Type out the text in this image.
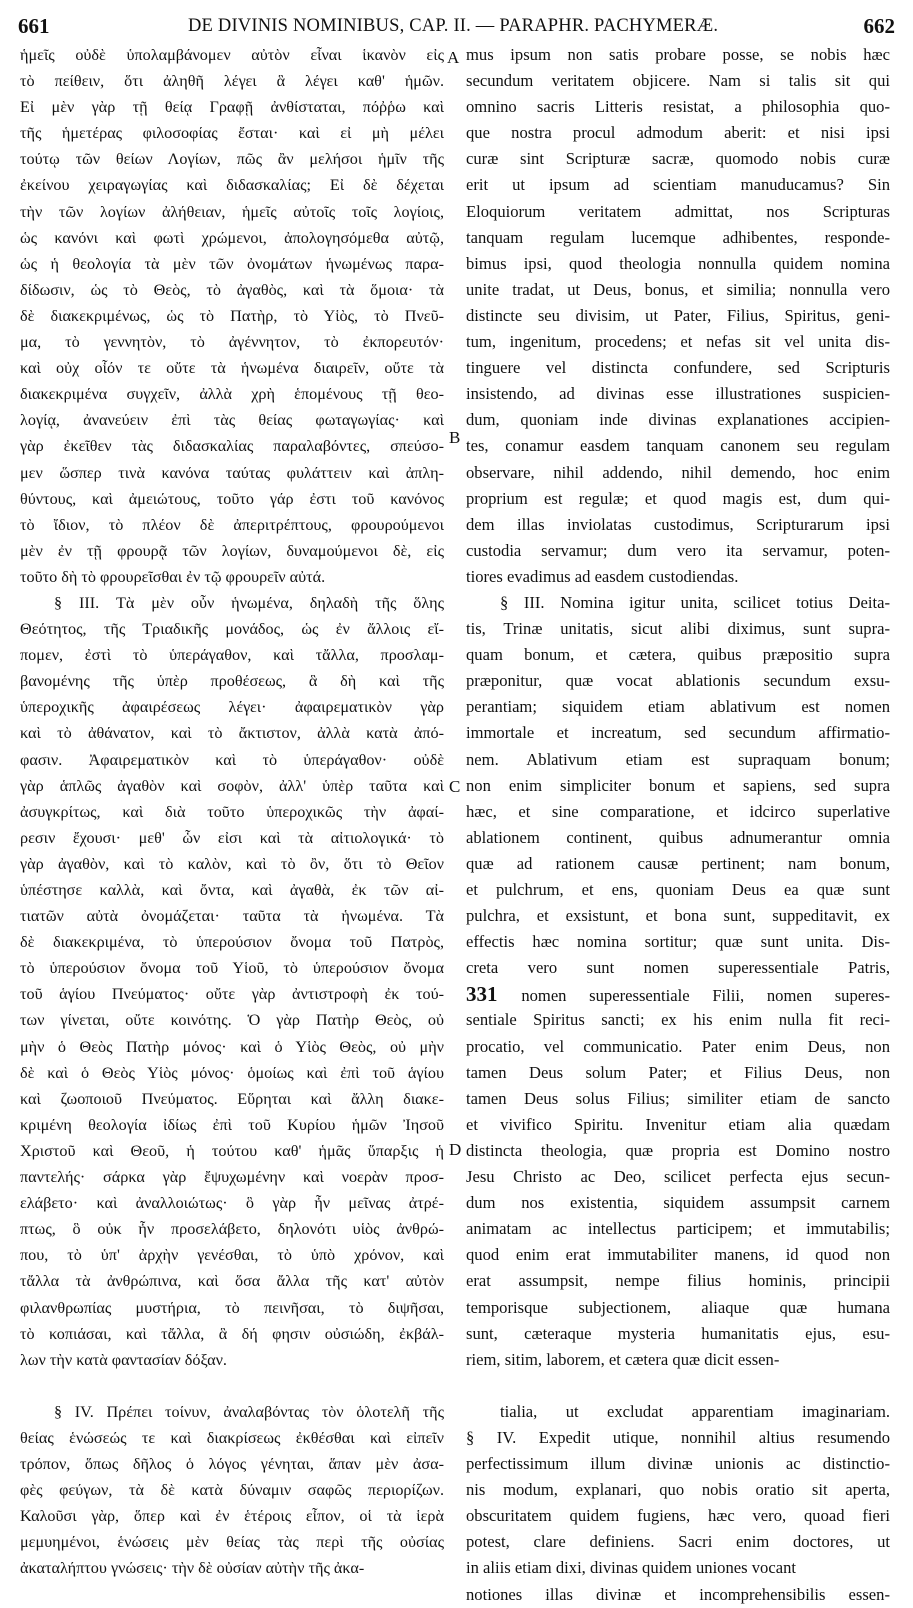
661	DE DIVINIS NOMINIBUS, CAP. II. — PARAPHR. PACHYMERÆ.	662
ἡμεῖς οὐδὲ ὑπολαμβάνομεν αὐτὸν εἶναι ἱκανὸν εἰς
τὸ πείθειν, ὅτι ἀληθῆ λέγει ἃ λέγει καθ' ἡμῶν.
Εἰ μὲν γὰρ τῇ θείᾳ Γραφῇ ἀνθίσταται, πόῤῥω καὶ
τῆς ἡμετέρας φιλοσοφίας ἔσται· καὶ εἰ μὴ μέλει
τούτῳ τῶν θείων Λογίων, πῶς ἂν μελήσοι ἡμῖν τῆς
ἐκείνου χειραγωγίας καὶ διδασκαλίας; Εἰ δὲ δέχεται
τὴν τῶν λογίων ἀλήθειαν, ἡμεῖς αὐτοῖς τοῖς λογίοις,
ὡς κανόνι καὶ φωτὶ χρώμενοι, ἀπολογησόμεθα αὐτῷ,
ὡς ἡ θεολογία τὰ μὲν τῶν ὀνομάτων ἡνωμένως παρα-
δίδωσιν, ὡς τὸ Θεὸς, τὸ ἀγαθὸς, καὶ τὰ ὅμοια· τὰ
δὲ διακεκριμένως, ὡς τὸ Πατὴρ, τὸ Υἱὸς, τὸ Πνεῦ-
μα, τὸ γεννητὸν, τὸ ἀγέννητον, τὸ ἐκπορευτόν·
καὶ οὐχ οἷόν τε οὔτε τὰ ἡνωμένα διαιρεῖν, οὔτε τὰ
διακεκριμένα συγχεῖν, ἀλλὰ χρὴ ἑπομένους τῇ θεο-
λογίᾳ, ἀνανεύειν ἐπὶ τὰς θείας φωταγωγίας· καὶ
γὰρ ἐκεῖθεν τὰς διδασκαλίας παραλαβόντες, σπεύσο-
μεν ὥσπερ τινὰ κανόνα ταύτας φυλάττειν καὶ ἀπλη-
θύντους, καὶ ἀμειώτους, τοῦτο γάρ ἐστι τοῦ κανόνος
τὸ ἴδιον, τὸ πλέον δὲ ἀπεριτρέπτους, φρουρούμενοι
μὲν ἐν τῇ φρουρᾷ τῶν λογίων, δυναμούμενοι δὲ, εἰς
τοῦτο δὴ τὸ φρουρεῖσθαι ἐν τῷ φρουρεῖν αὐτά.
§ III. Τὰ μὲν οὖν ἡνωμένα, δηλαδὴ τῆς ὅλης
Θεότητος, τῆς Τριαδικῆς μονάδος, ὡς ἐν ἄλλοις εἴ-
πομεν, ἐστὶ τὸ ὑπεράγαθον, καὶ τἄλλα, προσλαμ-
βανομένης τῆς ὑπὲρ προθέσεως, ἃ δὴ καὶ τῆς
ὑπεροχικῆς ἀφαιρέσεως λέγει· ἀφαιρεματικὸν γὰρ
καὶ τὸ ἀθάνατον, καὶ τὸ ἄκτιστον, ἀλλὰ κατὰ ἀπό-
φασιν. Ἀφαιρεματικὸν καὶ τὸ ὑπεράγαθον· οὐδὲ
γὰρ ἁπλῶς ἀγαθὸν καὶ σοφὸν, ἀλλ' ὑπὲρ ταῦτα καὶ
ἀσυγκρίτως, καὶ διὰ τοῦτο ὑπεροχικῶς τὴν ἀφαί-
ρεσιν ἔχουσι· μεθ' ὧν εἰσι καὶ τὰ αἰτιολογικά· τὸ
γὰρ ἀγαθὸν, καὶ τὸ καλὸν, καὶ τὸ ὂν, ὅτι τὸ Θεῖον
ὑπέστησε καλλὰ, καὶ ὄντα, καὶ ἀγαθὰ, ἐκ τῶν αἰ-
τιατῶν αὐτὰ ὀνομάζεται· ταῦτα τὰ ἡνωμένα. Τὰ
δὲ διακεκριμένα, τὸ ὑπερούσιον ὄνομα τοῦ Πατρὸς,
τὸ ὑπερούσιον ὄνομα τοῦ Υἱοῦ, τὸ ὑπερούσιον ὄνομα
τοῦ ἁγίου Πνεύματος· οὔτε γὰρ ἀντιστροφὴ ἐκ τού-
των γίνεται, οὔτε κοινότης. Ὁ γὰρ Πατὴρ Θεὸς, οὐ
μὴν ὁ Θεὸς Πατὴρ μόνος· καὶ ὁ Υἱὸς Θεὸς, οὐ μὴν
δὲ καὶ ὁ Θεὸς Υἱὸς μόνος· ὁμοίως καὶ ἐπὶ τοῦ ἁγίου
καὶ ζωοποιοῦ Πνεύματος. Εὕρηται καὶ ἄλλη διακε-
κριμένη θεολογία ἰδίως ἐπὶ τοῦ Κυρίου ἡμῶν Ἰησοῦ
Χριστοῦ καὶ Θεοῦ, ἡ τούτου καθ' ἡμᾶς ὕπαρξις ἡ
παντελής· σάρκα γὰρ ἔψυχωμένην καὶ νοερὰν προσ-
ελάβετο· καὶ ἀναλλοιώτως· ὃ γὰρ ἦν μεῖνας ἀτρέ-
πτως, ὃ οὐκ ἦν προσελάβετο, δηλονότι υἱὸς ἀνθρώ-
που, τὸ ὑπ' ἀρχὴν γενέσθαι, τὸ ὑπὸ χρόνον, καὶ
τἄλλα τὰ ἀνθρώπινα, καὶ ὅσα ἄλλα τῆς κατ' αὐτὸν
φιλανθρωπίας μυστήρια, τὸ πεινῆσαι, τὸ διψῆσαι,
τὸ κοπιάσαι, καὶ τἄλλα, ἃ δή φησιν οὐσιώδη, ἐκβάλ-
λων τὴν κατὰ φαντασίαν δόξαν.
§ IV. Πρέπει τοίνυν, ἀναλαβόντας τὸν ὁλοτελῆ τῆς
θείας ἑνώσεώς τε καὶ διακρίσεως ἐκθέσθαι καὶ εἰπεῖν
τρόπον, ὅπως δῆλος ὁ λόγος γένηται, ἅπαν μὲν ἀσα-
φὲς φεύγων, τὰ δὲ κατὰ δύναμιν σαφῶς περιορίζων.
Καλοῦσι γὰρ, ὅπερ καὶ ἐν ἑτέροις εἶπον, οἱ τὰ ἱερὰ
μεμυημένοι, ἑνώσεις μὲν θείας τὰς περὶ τῆς οὐσίας
ἀκαταλήπτου γνώσεις· τὴν δὲ οὐσίαν αὐτὴν τῆς ἀκα-
mus ipsum non satis probare posse, se nobis hæc
secundum veritatem objicere. Nam si talis sit qui
omnino sacris Litteris resistat, a philosophia quo-
que nostra procul admodum aberit: et nisi ipsi
curæ sint Scripturæ sacræ, quomodo nobis curæ
erit ut ipsum ad scientiam manuducamus? Sin
Eloquiorum veritatem admittat, nos Scripturas
tanquam regulam lucemque adhibentes, responde-
bimus ipsi, quod theologia nonnulla quidem nomina
unite tradat, ut Deus, bonus, et similia; nonnulla vero
distincte seu divisim, ut Pater, Filius, Spiritus, geni-
tum, ingenitum, procedens; et nefas sit vel unita dis-
tinguere vel distincta confundere, sed Scripturis
insistendo, ad divinas esse illustrationes suspicien-
dum, quoniam inde divinas explanationes accipien-
tes, conamur easdem tanquam canonem seu regulam
observare, nihil addendo, nihil demendo, hoc enim
proprium est regulæ; et quod magis est, dum qui-
dem illas inviolatas custodimus, Scripturarum ipsi
custodia servamur; dum vero ita servamur, poten-
tiores evadimus ad easdem custodiendas.
§ III. Nomina igitur unita, scilicet totius Deita-
tis, Trinæ unitatis, sicut alibi diximus, sunt supra-
quam bonum, et cætera, quibus præpositio supra
præponitur, quæ vocat ablationis secundum exsu-
perantiam; siquidem etiam ablativum est nomen
immortale et increatum, sed secundum affirmatio-
nem. Ablativum etiam est supraquam bonum;
non enim simpliciter bonum et sapiens, sed supra
hæc, et sine comparatione, et idcirco superlative
ablationem continent, quibus adnumerantur omnia
quæ ad rationem causæ pertinent; nam bonum,
et pulchrum, et ens, quoniam Deus ea quæ sunt
pulchra, et exsistunt, et bona sunt, suppeditavit, ex
effectis hæc nomina sortitur; quæ sunt unita. Dis-
creta vero sunt nomen superessentiale Patris,
331 nomen superessentiale Filii, nomen superes-
sentiale Spiritus sancti; ex his enim nulla fit reci-
procatio, vel communicatio. Pater enim Deus, non
tamen Deus solum Pater; et Filius Deus, non
tamen Deus solus Filius; similiter etiam de sancto
et vivifico Spiritu. Invenitur etiam alia quædam
distincta theologia, quæ propria est Domino nostro
Jesu Christo ac Deo, scilicet perfecta ejus secun-
dum nos existentia, siquidem assumpsit carnem
animatam ac intellectus participem; et immutabilis;
quod enim erat immutabiliter manens, id quod non
erat assumpsit, nempe filius hominis, principii
temporisque subjectionem, aliaque quæ humana
sunt, cæteraque mysteria humanitatis ejus, esu-
riem, sitim, laborem, et cætera quæ dicit essen-
tialia, ut excludat apparentiam imaginariam.
§ IV. Expedit utique, nonnihil altius resumendo
perfectissimum illum divinæ unionis ac distinctio-
nis modum, explanari, quo nobis oratio sit aperta,
obscuritatem quidem fugiens, hæc vero, quoad fieri
potest, clare definiens. Sacri enim doctores, ut
in aliis etiam dixi, divinas quidem uniones vocant
notiones illas divinæ et incomprehensibilis essen-
A
B
C
D
